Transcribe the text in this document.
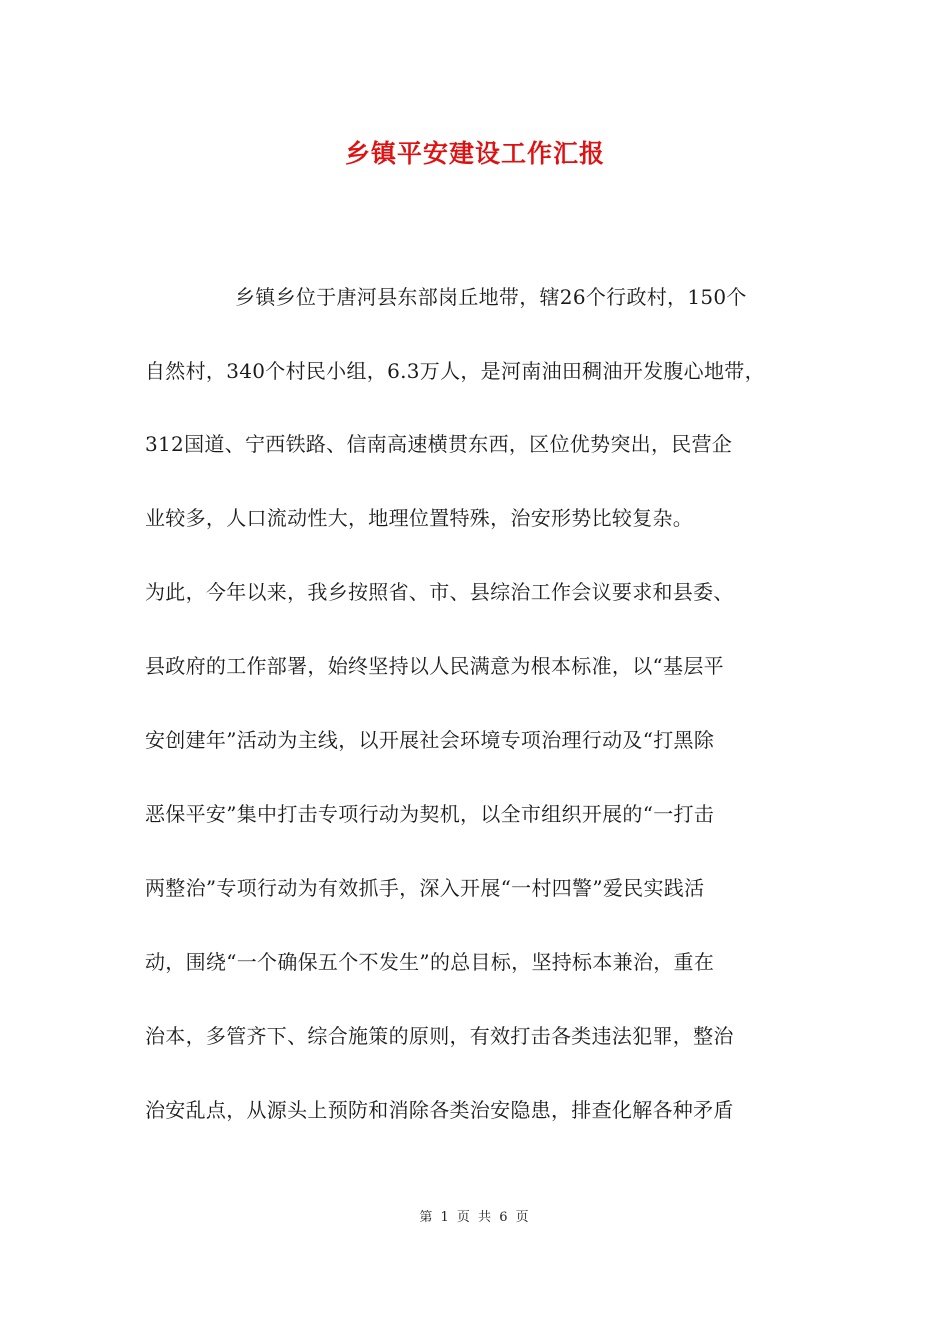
乡镇平安建设工作汇报
乡镇乡位于唐河县东部岗丘地带，辖26个行政村，150个
自然村，340个村民小组，6.3万人，是河南油田稠油开发腹心地带，
312国道、宁西铁路、信南高速横贯东西，区位优势突出，民营企
业较多，人口流动性大，地理位置特殊，治安形势比较复杂。
为此，今年以来，我乡按照省、市、县综治工作会议要求和县委、
县政府的工作部署，始终坚持以人民满意为根本标准，以“基层平
安创建年”活动为主线，以开展社会环境专项治理行动及“打黑除
恶保平安”集中打击专项行动为契机，以全市组织开展的“一打击
两整治”专项行动为有效抓手，深入开展“一村四警”爱民实践活
动，围绕“一个确保五个不发生”的总目标，坚持标本兼治，重在
治本，多管齐下、综合施策的原则，有效打击各类违法犯罪，整治
治安乱点，从源头上预防和消除各类治安隐患，排查化解各种矛盾
第 1 页 共 6 页
